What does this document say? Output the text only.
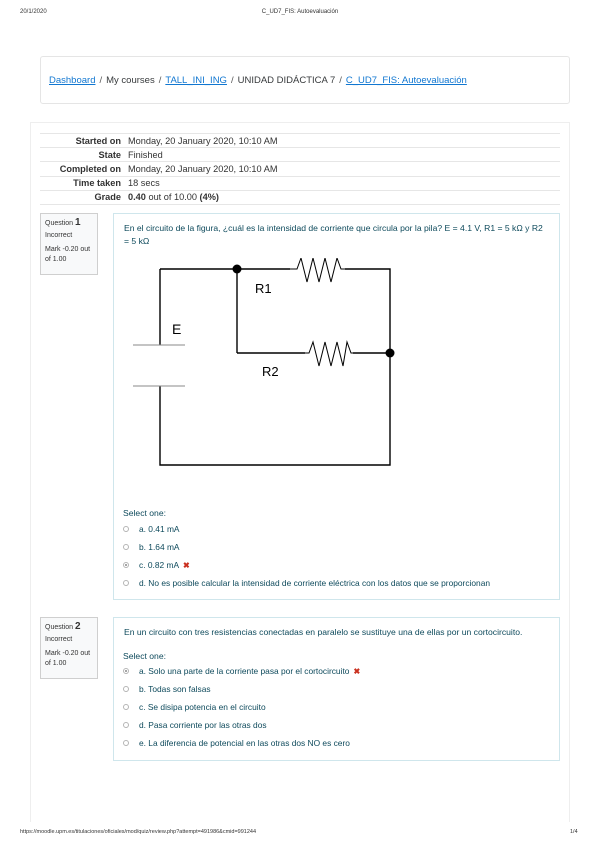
20/1/2020	C_UD7_FIS: Autoevaluación
https://moodle.upm.es/titulaciones/oficiales/mod/quiz/review.php?attempt=491986&cmid=991244	1/4
Dashboard / My courses / TALL_INI_ING / UNIDAD DIDÁCTICA 7 / C_UD7_FIS: Autoevaluación
Started on	Monday, 20 January 2020, 10:10 AM
State	Finished
Completed on	Monday, 20 January 2020, 10:10 AM
Time taken	18 secs
Grade	0.40 out of 10.00 (4%)
Question 1
Incorrect
Mark -0.20 out of 1.00
En el circuito de la figura, ¿cuál es la intensidad de corriente que circula por la pila? E = 4.1 V, R1 = 5 kΩ y R2 = 5 kΩ
E
R1
R2
Select one:
a. 0.41 mA
b. 1.64 mA
c. 0.82 mA ✖
d. No es posible calcular la intensidad de corriente eléctrica con los datos que se proporcionan
Question 2
Incorrect
Mark -0.20 out of 1.00
En un circuito con tres resistencias conectadas en paralelo se sustituye una de ellas por un cortocircuito.
Select one:
a. Solo una parte de la corriente pasa por el cortocircuito ✖
b. Todas son falsas
c. Se disipa potencia en el circuito
d. Pasa corriente por las otras dos
e. La diferencia de potencial en las otras dos NO es cero
